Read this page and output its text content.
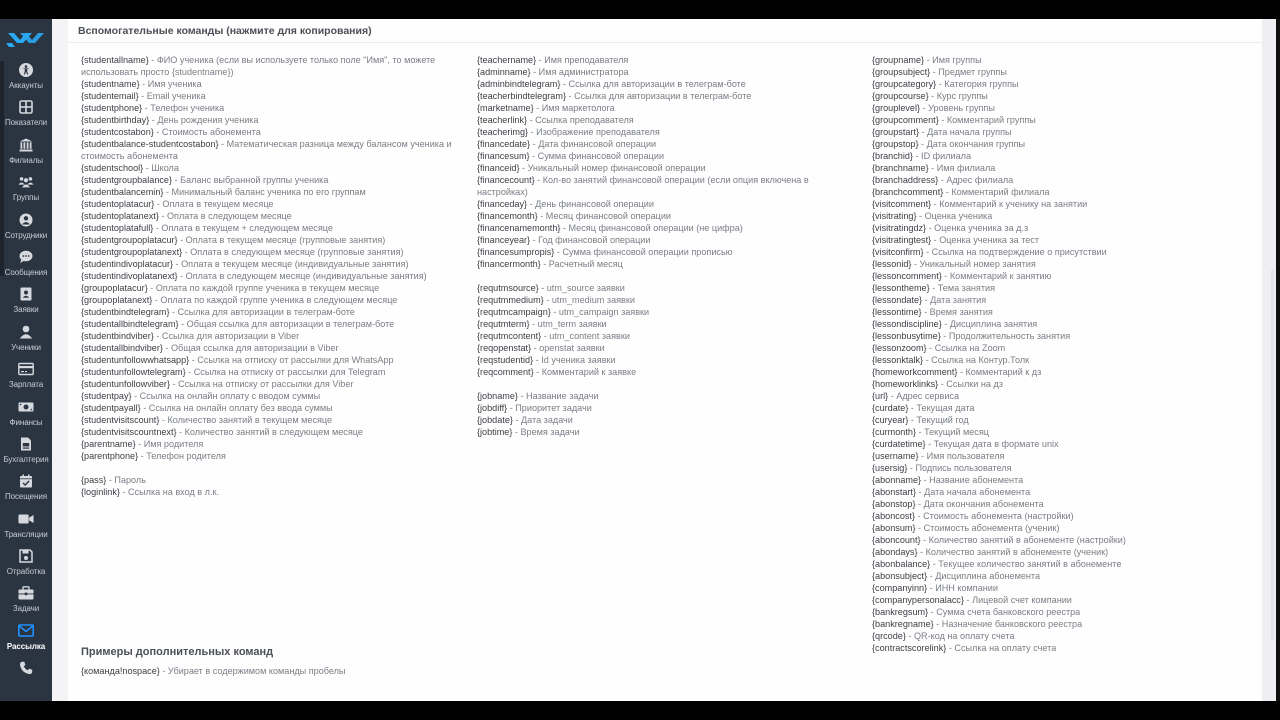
Аккаунты
Показатели
Филиалы
Группы
Сотрудники
Сообщения
Заявки
Ученики
Зарплата
Финансы
Бухгалтерия
Посещения
Трансляции
Отработка
Задачи
Рассылка
Вспомогательные команды (нажмите для копирования)
{studentallname} - ФИО ученика (если вы используете только поле "Имя", то можете использовать просто {studentname})
{studentname} - Имя ученика
{studentemail} - Email ученика
{studentphone} - Телефон ученика
{studentbirthday} - День рождения ученика
{studentcostabon} - Стоимость абонемента
{studentbalance-studentcostabon} - Математическая разница между балансом ученика и стоимость абонемента
{studentschool} - Школа
{studentgroupbalance} - Баланс выбранной группы ученика
{studentbalancemin} - Минимальный баланс ученика по его группам
{studentoplatacur} - Оплата в текущем месяце
{studentoplatanext} - Оплата в следующем месяце
{studentoplatafull} - Оплата в текущем + следующем месяце
{studentgroupoplatacur} - Оплата в текущем месяце (групповые занятия)
{studentgroupoplatanext} - Оплата в следующем месяце (групповые занятия)
{studentindivoplatacur} - Оплата в текущем месяце (индивидуальные занятия)
{studentindivoplatanext} - Оплата в следующем месяце (индивидуальные занятия)
{groupoplatacur} - Оплата по каждой группе ученика в текущем месяце
{groupoplatanext} - Оплата по каждой группе ученика в следующем месяце
{studentbindtelegram} - Ссылка для авторизации в телеграм-боте
{studentallbindtelegram} - Общая ссылка для авторизации в телеграм-боте
{studentbindviber} - Ссылка для авторизации в Viber
{studentallbindviber} - Общая ссылка для авторизации в Viber
{studentunfollowwhatsapp} - Ссылка на отписку от рассылки для WhatsApp
{studentunfollowtelegram} - Ссылка на отписку от рассылки для Telegram
{studentunfollowviber} - Ссылка на отписку от рассылки для Viber
{studentpay} - Ссылка на онлайн оплату с вводом суммы
{studentpayall} - Ссылка на онлайн оплату без ввода суммы
{studentvisitscount} - Количество занятий в текущем месяце
{studentvisitscountnext} - Количество занятий в следующем месяце
{parentname} - Имя родителя
{parentphone} - Телефон родителя
{pass} - Пароль
{loginlink} - Ссылка на вход в л.к.
{teachername} - Имя преподавателя
{adminname} - Имя администратора
{adminbindtelegram} - Ссылка для авторизации в телеграм-боте
{teacherbindtelegram} - Ссылка для авторизации в телеграм-боте
{marketname} - Имя маркетолога
{teacherlink} - Ссылка преподавателя
{teacherimg} - Изображение преподавателя
{financedate} - Дата финансовой операции
{financesum} - Сумма финансовой операции
{financeid} - Уникальный номер финансовой операции
{financecount} - Кол-во занятий финансовой операции (если опция включена в настройках)
{financeday} - День финансовой операции
{financemonth} - Месяц финансовой операции
{financenamemonth} - Месяц финансовой операции (не цифра)
{financeyear} - Год финансовой операции
{financesumpropis} - Сумма финансовой операции прописью
{financermonth} - Расчетный месяц
{requtmsource} - utm_source заявки
{requtmmedium} - utm_medium заявки
{requtmcampaign} - utm_campaign заявки
{requtmterm} - utm_term заявки
{requtmcontent} - utm_content заявки
{reqopenstat} - openstat заявки
{reqstudentid} - Id ученика заявки
{reqcomment} - Комментарий к заявке
{jobname} - Название задачи
{jobdiff} - Приоритет задачи
{jobdate} - Дата задачи
{jobtime} - Время задачи
{groupname} - Имя группы
{groupsubject} - Предмет группы
{groupcategory} - Категория группы
{groupcourse} - Курс группы
{grouplevel} - Уровень группы
{groupcomment} - Комментарий группы
{groupstart} - Дата начала группы
{groupstop} - Дата окончания группы
{branchid} - ID филиала
{branchname} - Имя филиала
{branchaddress} - Адрес филиала
{branchcomment} - Комментарий филиала
{visitcomment} - Комментарий к ученику на занятии
{visitrating} - Оценка ученика
{visitratingdz} - Оценка ученика за д.з
{visitratingtest} - Оценка ученика за тест
{visitconfirm} - Ссылка на подтверждение о присутствии
{lessonid} - Уникальный номер занятия
{lessoncomment} - Комментарий к занятию
{lessontheme} - Тема занятия
{lessondate} - Дата занятия
{lessontime} - Время занятия
{lessondiscipline} - Дисциплина занятия
{lessonbusytime} - Продолжительность занятия
{lessonzoom} - Ссылка на Zoom
{lessonktalk} - Ссылка на Контур.Толк
{homeworkcomment} - Комментарий к дз
{homeworklinks} - Ссылки на дз
{url} - Адрес сервиса
{curdate} - Текущая дата
{curyear} - Текущий год
{curmonth} - Текущий месяц
{curdatetime} - Текущая дата в формате unix
{username} - Имя пользователя
{usersig} - Подпись пользователя
{abonname} - Название абонемента
{abonstart} - Дата начала абонемента
{abonstop} - Дата окончания абонемента
{aboncost} - Стоимость абонемента (настройки)
{abonsum} - Стоимость абонемента (ученик)
{aboncount} - Количество занятий в абонементе (настройки)
{abondays} - Количество занятий в абонементе (ученик)
{abonbalance} - Текущее количество занятий в абонементе
{abonsubject} - Дисциплина абонемента
{companyinn} - ИНН компании
{companypersonalacc} - Лицевой счет компании
{bankregsum} - Сумма счета банковского реестра
{bankregname} - Назначение банковского реестра
{qrcode} - QR-код на оплату счета
{contractscorelink} - Ссылка на оплату счета
Примеры дополнительных команд
{команда!nospace} - Убирает в содержимом команды пробелы
